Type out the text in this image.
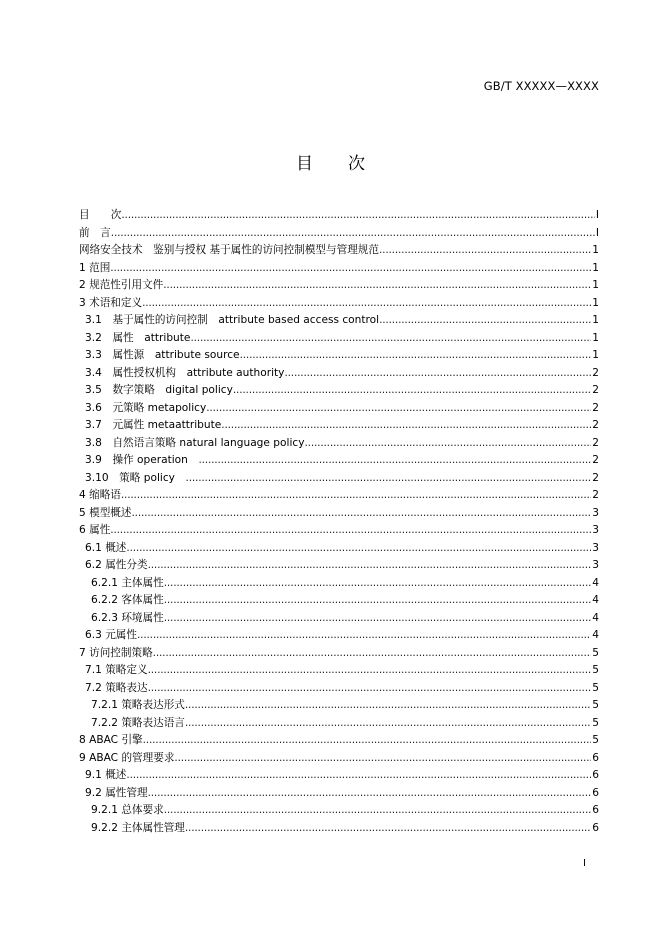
GB/T XXXXX—XXXX
目 次
目　　次 .....	I
前　言 .....	I
网络安全技术　鉴别与授权 基于属性的访问控制模型与管理规范 .....	1
1 范围 .....	1
2 规范性引用文件 .....	1
3 术语和定义 .....	1
3.1　基于属性的访问控制　attribute based access control .....	1
3.2　属性　attribute .....	1
3.3　属性源　attribute source .....	1
3.4　属性授权机构　attribute authority .....	2
3.5　数字策略　digital policy .....	2
3.6　元策略 metapolicy .....	2
3.7　元属性 metaattribute .....	2
3.8　自然语言策略 natural language policy .....	2
3.9　操作 operation　 .....	2
3.10　策略 policy　 .....	2
4 缩略语 .....	2
5 模型概述 .....	3
6 属性 .....	3
6.1 概述 .....	3
6.2 属性分类 .....	3
6.2.1 主体属性 .....	4
6.2.2 客体属性 .....	4
6.2.3 环境属性 .....	4
6.3 元属性 .....	4
7 访问控制策略 .....	5
7.1 策略定义 .....	5
7.2 策略表达 .....	5
7.2.1 策略表达形式 .....	5
7.2.2 策略表达语言 .....	5
8 ABAC 引擎 .....	5
9 ABAC 的管理要求 .....	6
9.1 概述 .....	6
9.2 属性管理 .....	6
9.2.1 总体要求 .....	6
9.2.2 主体属性管理 .....	6
I
